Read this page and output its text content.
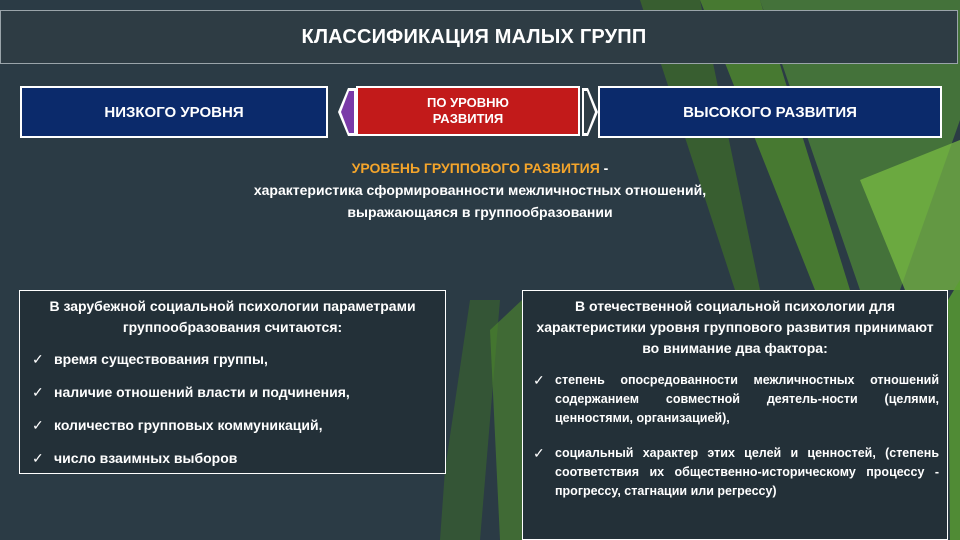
КЛАССИФИКАЦИЯ МАЛЫХ ГРУПП
НИЗКОГО УРОВНЯ
ПО УРОВНЮ РАЗВИТИЯ	ВЫСОКОГО РАЗВИТИЯ
УРОВЕНЬ ГРУППОВОГО РАЗВИТИЯ -
характеристика сформированности межличностных отношений, выражающаяся в группообразовании
В зарубежной социальной психологии параметрами группообразования считаются:
✓ время существования группы,
✓ наличие отношений власти и подчинения,
✓ количество групповых коммуникаций,
✓ число взаимных выборов
В отечественной социальной психологии для характеристики уровня группового развития принимают во внимание два фактора:
✓ степень опосредованности межличностных отношений содержанием совместной деятель-ности (целями, ценностями, организацией),
✓ социальный характер этих целей и ценностей, (степень соответствия их общественно-историческому процессу - прогрессу, стагнации или регрессу)
